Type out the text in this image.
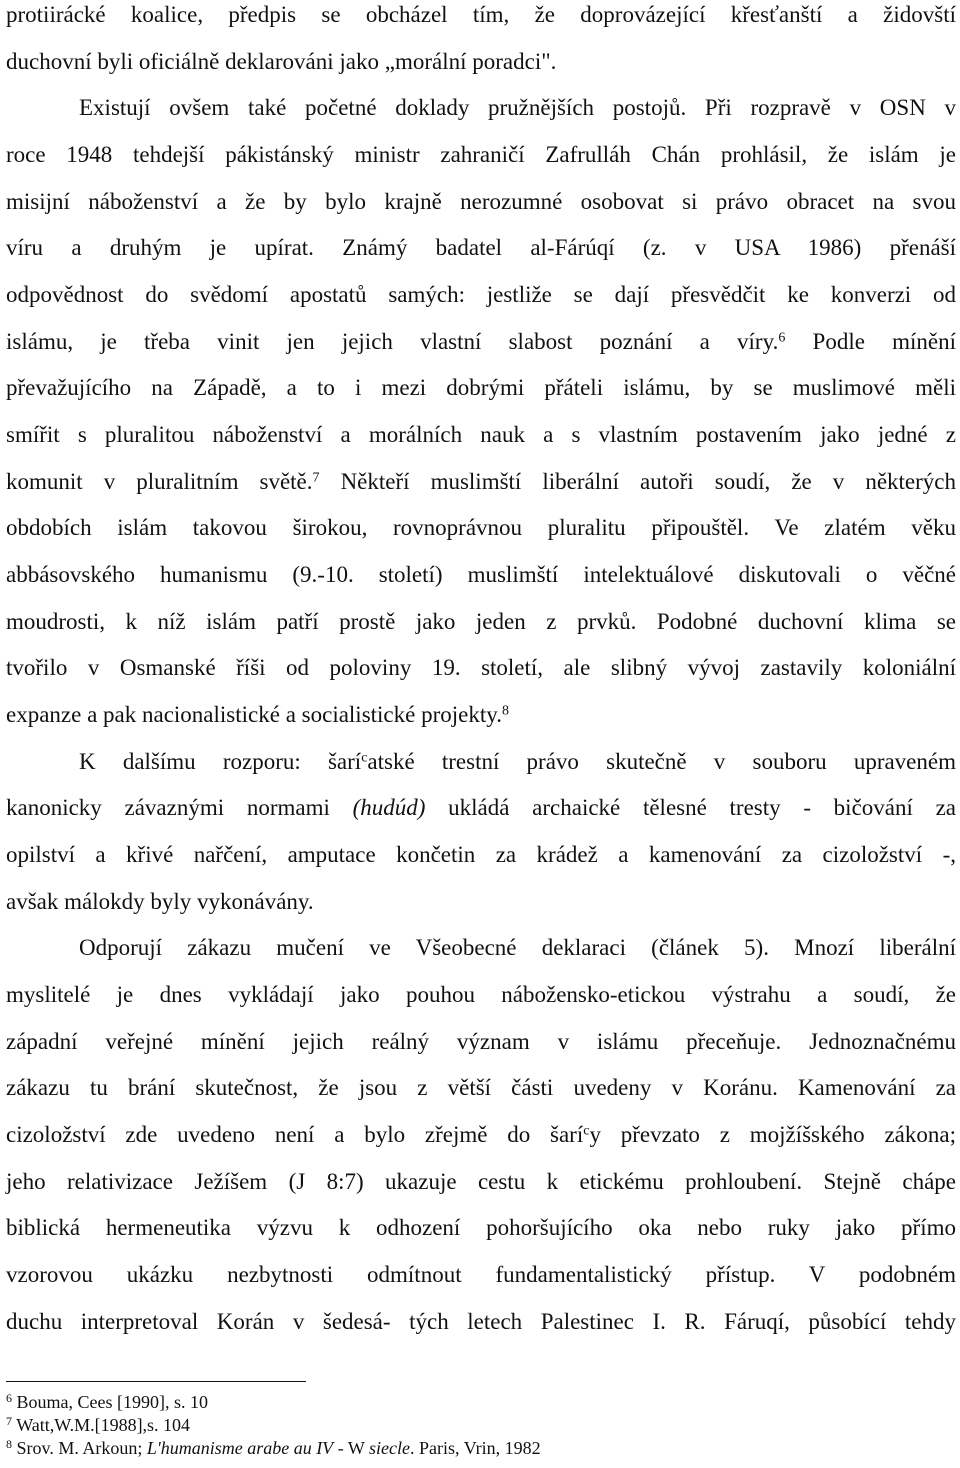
protiirácké koalice, předpis se obcházel tím, že doprovázející křesťanští a židovští
duchovní byli oficiálně deklarováni jako „morální poradci".
Existují ovšem také početné doklady pružnějších postojů. Při rozpravě v OSN v
roce 1948 tehdejší pákistánský ministr zahraničí Zafrulláh Chán prohlásil, že islám je
misijní náboženství a že by bylo krajně nerozumné osobovat si právo obracet na svou
víru a druhým je upírat. Známý badatel al-Fárúqí (z. v USA 1986) přenáší
odpovědnost do svědomí apostatů samých: jestliže se dají přesvědčit ke konverzi od
islámu, je třeba vinit jen jejich vlastní slabost poznání a víry.$^6$ Podle mínění
převažujícího na Západě, a to i mezi dobrými přáteli islámu, by se muslimové měli
smířit s pluralitou náboženství a morálních nauk a s vlastním postavením jako jedné z
komunit v pluralitním světě.$^7$ Někteří muslimští liberální autoři soudí, že v některých
obdobích islám takovou širokou, rovnoprávnou pluralitu připouštěl. Ve zlatém věku
abbásovského humanismu (9.-10. století) muslimští intelektuálové diskutovali o věčné
moudrosti, k níž islám patří prostě jako jeden z prvků. Podobné duchovní klima se
tvořilo v Osmanské říši od poloviny 19. století, ale slibný vývoj zastavily koloniální
expanze a pak nacionalistické a socialistické projekty.$^8$
K dalšímu rozporu: šarí$^c$atské trestní právo skutečně v souboru upraveném
kanonicky závaznými normami (hudúd) ukládá archaické tělesné tresty - bičování za
opilství a křivé nařčení, amputace končetin za krádež a kamenování za cizoložství -,
avšak málokdy byly vykonávány.
Odporují zákazu mučení ve Všeobecné deklaraci (článek 5). Mnozí liberální
myslitelé je dnes vykládají jako pouhou nábožensko-etickou výstrahu a soudí, že
západní veřejné mínění jejich reálný význam v islámu přeceňuje. Jednoznačnému
zákazu tu brání skutečnost, že jsou z větší části uvedeny v Koránu. Kamenování za
cizoložství zde uvedeno není a bylo zřejmě do šarí$^c$y převzato z mojžíšského zákona;
jeho relativizace Ježíšem (J 8:7) ukazuje cestu k etickému prohloubení. Stejně chápe
biblická hermeneutika výzvu k odhození pohoršujícího oka nebo ruky jako přímo
vzorovou ukázku nezbytnosti odmítnout fundamentalistický přístup. V podobném
duchu interpretoval Korán v šedesá- tých letech Palestinec I. R. Fáruqí, působící tehdy
$^6$ Bouma, Cees [1990], s. 10
$^7$ Watt,W.M.[1988],s. 104
$^8$ Srov. M. Arkoun; L'humanisme arabe au IV - W siecle. Paris, Vrin, 1982
